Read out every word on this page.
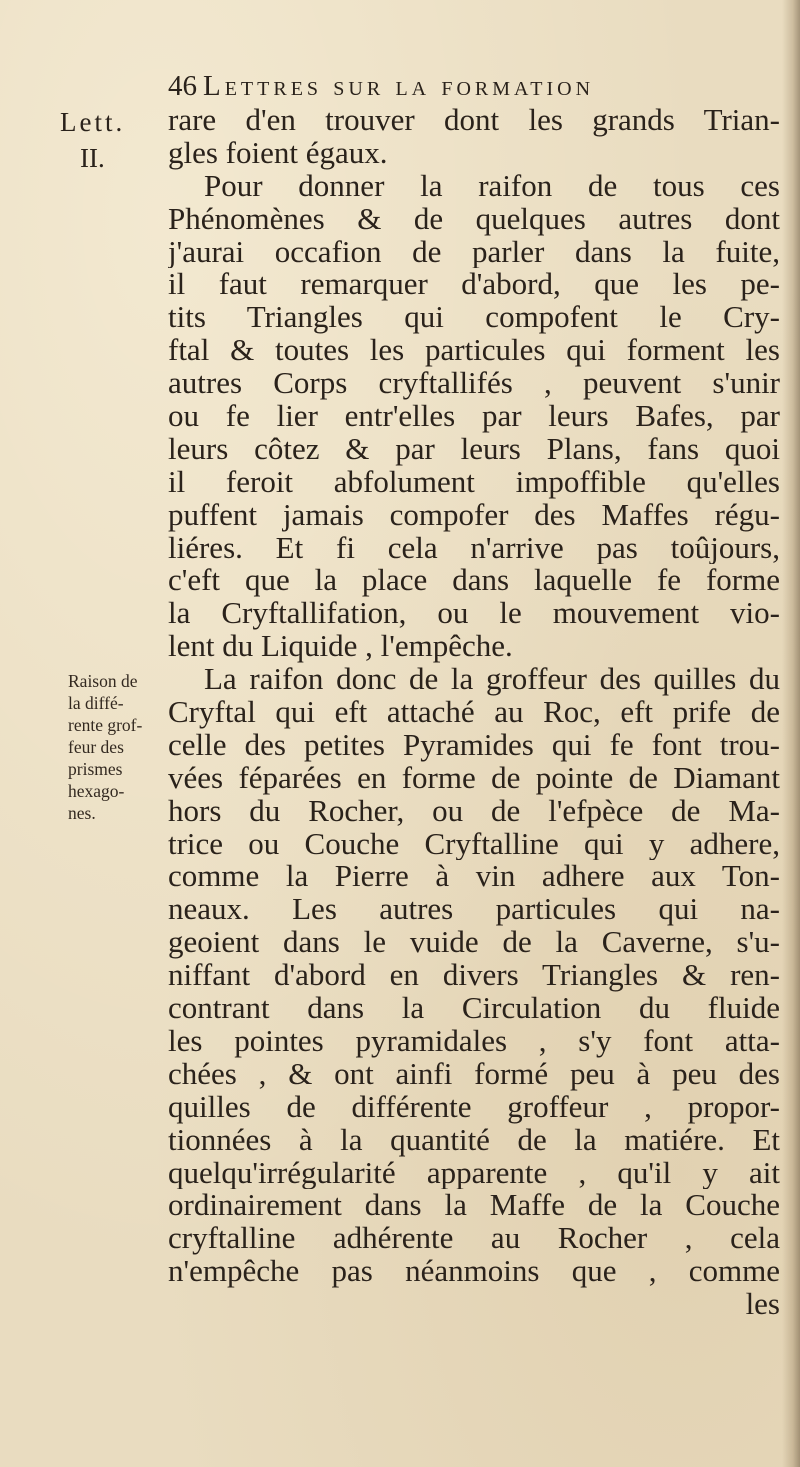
46 Lettres sur la formation
Lett.
II.
Raison de
la diffé-
rente grof-
feur des
prismes
hexago-
nes.
rare d'en trouver dont les grands Trian-
gles foient égaux.
Pour donner la raifon de tous ces
Phénomènes & de quelques autres dont
j'aurai occafion de parler dans la fuite,
il faut remarquer d'abord, que les pe-
tits Triangles qui compofent le Cry-
ftal & toutes les particules qui forment les
autres Corps cryftallifés , peuvent s'unir
ou fe lier entr'elles par leurs Bafes, par
leurs côtez & par leurs Plans, fans quoi
il feroit abfolument impoffible qu'elles
puffent jamais compofer des Maffes régu-
liéres. Et fi cela n'arrive pas toûjours,
c'eft que la place dans laquelle fe forme
la Cryftallifation, ou le mouvement vio-
lent du Liquide , l'empêche.
La raifon donc de la groffeur des quilles du
Cryftal qui eft attaché au Roc, eft prife de
celle des petites Pyramides qui fe font trou-
vées féparées en forme de pointe de Diamant
hors du Rocher, ou de l'efpèce de Ma-
trice ou Couche Cryftalline qui y adhere,
comme la Pierre à vin adhere aux Ton-
neaux. Les autres particules qui na-
geoient dans le vuide de la Caverne, s'u-
niffant d'abord en divers Triangles & ren-
contrant dans la Circulation du fluide
les pointes pyramidales , s'y font atta-
chées , & ont ainfi formé peu à peu des
quilles de différente groffeur , propor-
tionnées à la quantité de la matiére. Et
quelqu'irrégularité apparente , qu'il y ait
ordinairement dans la Maffe de la Couche
cryftalline adhérente au Rocher , cela
n'empêche pas néanmoins que , comme
les
